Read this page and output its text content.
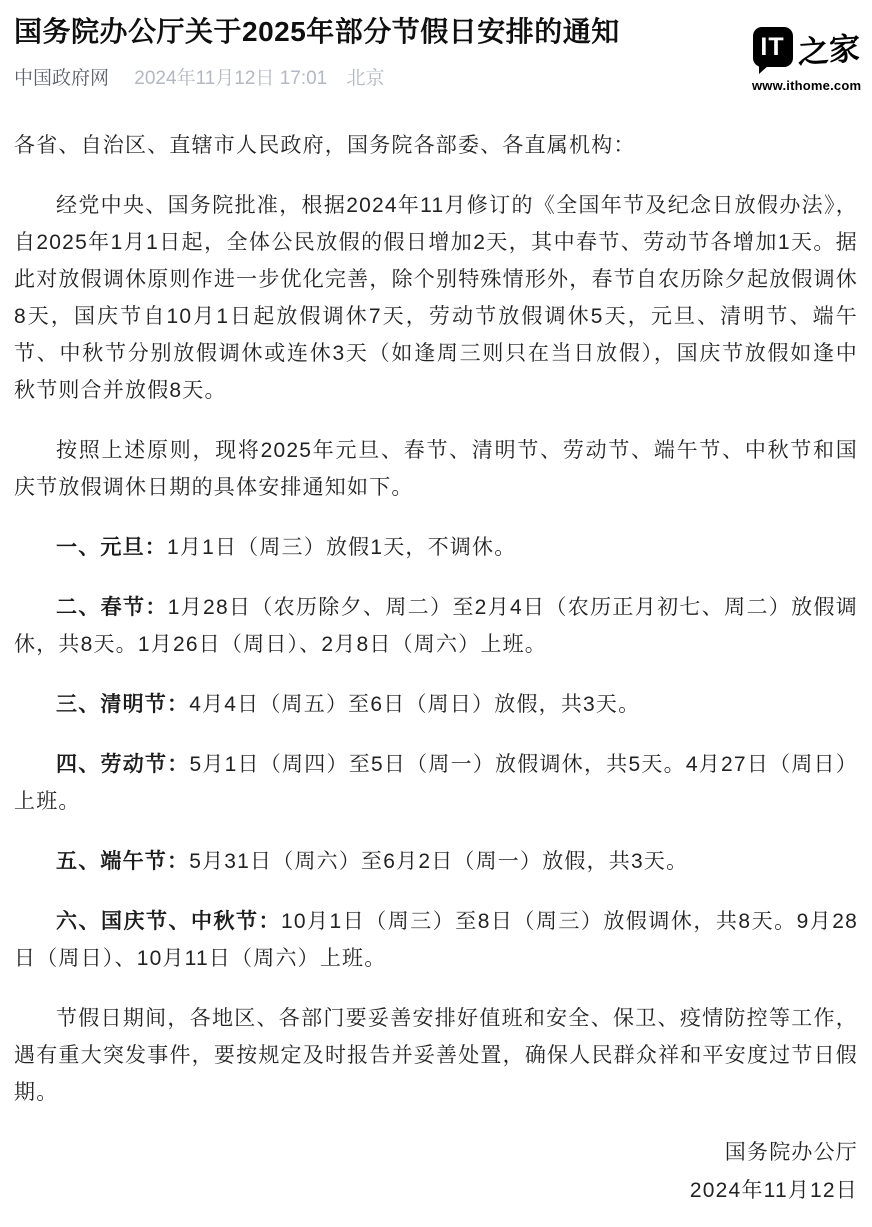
国务院办公厅关于2025年部分节假日安排的通知	IT 之家
www.ithome.com
中国政府网 2024年11月12日 17:01 北京

各省、自治区、直辖市人民政府，国务院各部委、各直属机构：

经党中央、国务院批准，根据2024年11月修订的《全国年节及纪念日放假办法》，自2025年1月1日起，全体公民放假的假日增加2天，其中春节、劳动节各增加1天。据此对放假调休原则作进一步优化完善，除个别特殊情形外，春节自农历除夕起放假调休8天，国庆节自10月1日起放假调休7天，劳动节放假调休5天，元旦、清明节、端午节、中秋节分别放假调休或连休3天（如逢周三则只在当日放假），国庆节放假如逢中秋节则合并放假8天。

按照上述原则，现将2025年元旦、春节、清明节、劳动节、端午节、中秋节和国庆节放假调休日期的具体安排通知如下。

一、元旦：1月1日（周三）放假1天，不调休。

二、春节：1月28日（农历除夕、周二）至2月4日（农历正月初七、周二）放假调休，共8天。1月26日（周日）、2月8日（周六）上班。

三、清明节：4月4日（周五）至6日（周日）放假，共3天。

四、劳动节：5月1日（周四）至5日（周一）放假调休，共5天。4月27日（周日）上班。

五、端午节：5月31日（周六）至6月2日（周一）放假，共3天。

六、国庆节、中秋节：10月1日（周三）至8日（周三）放假调休，共8天。9月28日（周日）、10月11日（周六）上班。

节假日期间，各地区、各部门要妥善安排好值班和安全、保卫、疫情防控等工作，遇有重大突发事件，要按规定及时报告并妥善处置，确保人民群众祥和平安度过节日假期。

国务院办公厅

2024年11月12日
